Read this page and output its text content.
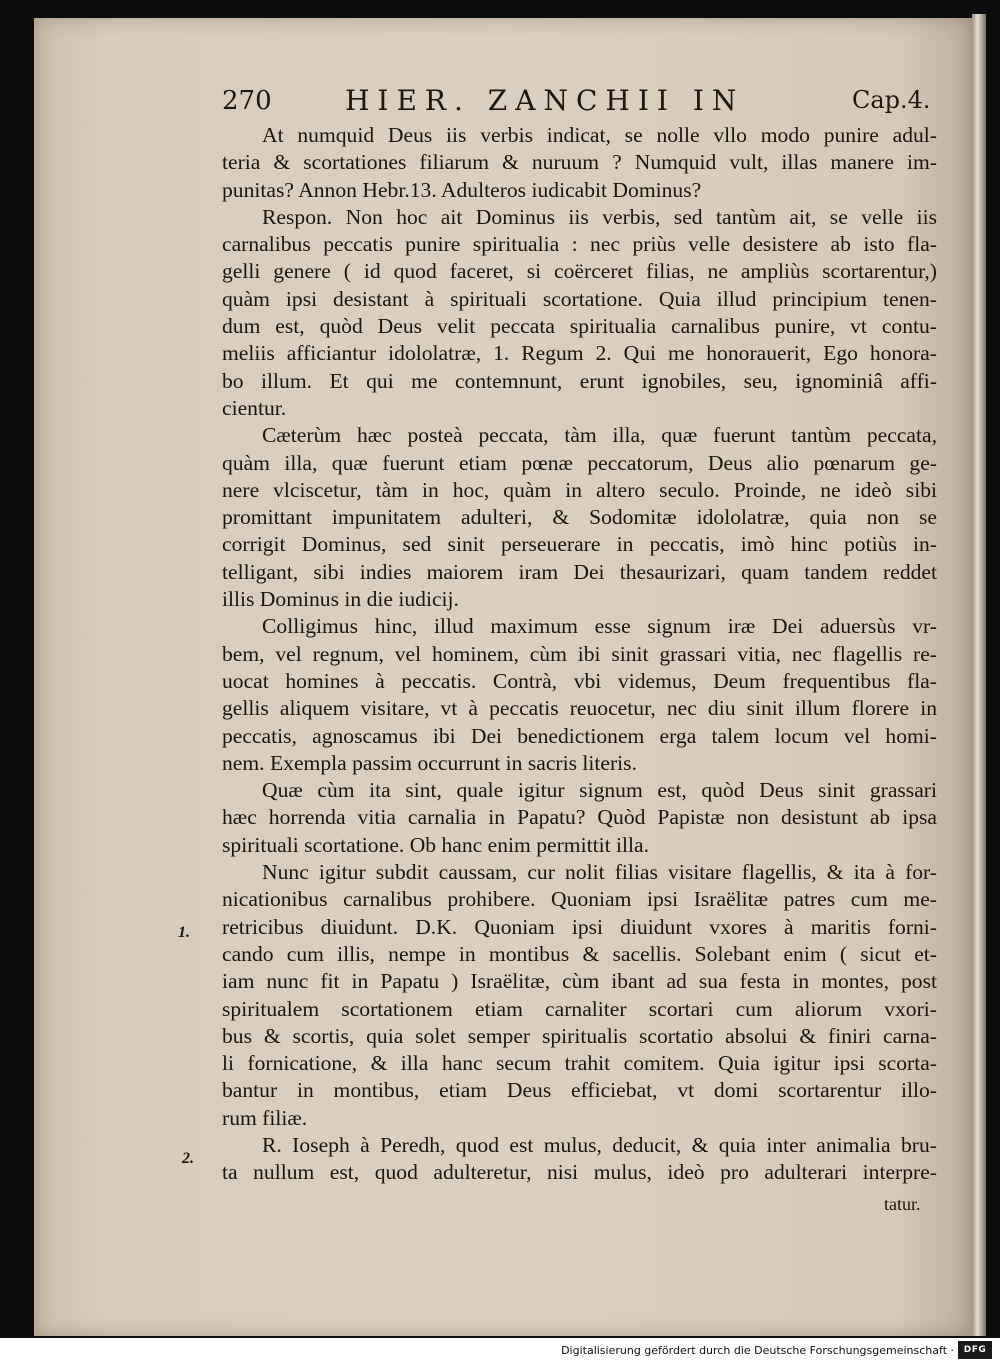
270	HIER. ZANCHII IN	Cap.4.
At numquid Deus iis verbis indicat, se nolle vllo modo punire adul-
teria & scortationes filiarum & nuruum ? Numquid vult, illas manere im-
punitas? Annon Hebr.13. Adulteros iudicabit Dominus?
Respon. Non hoc ait Dominus iis verbis, sed tantùm ait, se velle iis
carnalibus peccatis punire spiritualia : nec priùs velle desistere ab isto fla-
gelli genere ( id quod faceret, si coërceret filias, ne ampliùs scortarentur,)
quàm ipsi desistant à spirituali scortatione. Quia illud principium tenen-
dum est, quòd Deus velit peccata spiritualia carnalibus punire, vt contu-
meliis afficiantur idololatræ, 1. Regum 2. Qui me honorauerit, Ego honora-
bo illum. Et qui me contemnunt, erunt ignobiles, seu, ignominiâ affi-
cientur.
Cæterùm hæc posteà peccata, tàm illa, quæ fuerunt tantùm peccata,
quàm illa, quæ fuerunt etiam pœnæ peccatorum, Deus alio pœnarum ge-
nere vlciscetur, tàm in hoc, quàm in altero seculo. Proinde, ne ideò sibi
promittant impunitatem adulteri, & Sodomitæ idololatræ, quia non se
corrigit Dominus, sed sinit perseuerare in peccatis, imò hinc potiùs in-
telligant, sibi indies maiorem iram Dei thesaurizari, quam tandem reddet
illis Dominus in die iudicij.
Colligimus hinc, illud maximum esse signum iræ Dei aduersùs vr-
bem, vel regnum, vel hominem, cùm ibi sinit grassari vitia, nec flagellis re-
uocat homines à peccatis. Contrà, vbi videmus, Deum frequentibus fla-
gellis aliquem visitare, vt à peccatis reuocetur, nec diu sinit illum florere in
peccatis, agnoscamus ibi Dei benedictionem erga talem locum vel homi-
nem. Exempla passim occurrunt in sacris literis.
Quæ cùm ita sint, quale igitur signum est, quòd Deus sinit grassari
hæc horrenda vitia carnalia in Papatu? Quòd Papistæ non desistunt ab ipsa
spirituali scortatione. Ob hanc enim permittit illa.
Nunc igitur subdit caussam, cur nolit filias visitare flagellis, & ita à for-
nicationibus carnalibus prohibere. Quoniam ipsi Israëlitæ patres cum me-
retricibus diuidunt. D.K. Quoniam ipsi diuidunt vxores à maritis forni-
cando cum illis, nempe in montibus & sacellis. Solebant enim ( sicut et-
iam nunc fit in Papatu ) Israëlitæ, cùm ibant ad sua festa in montes, post
spiritualem scortationem etiam carnaliter scortari cum aliorum vxori-
bus & scortis, quia solet semper spiritualis scortatio absolui & finiri carna-
li fornicatione, & illa hanc secum trahit comitem. Quia igitur ipsi scorta-
bantur in montibus, etiam Deus efficiebat, vt domi scortarentur illo-
rum filiæ.
R. Ioseph à Peredh, quod est mulus, deducit, & quia inter animalia bru-
ta nullum est, quod adulteretur, nisi mulus, ideò pro adulterari interpre-
tatur.
1.
2.
Digitalisierung gefördert durch die Deutsche Forschungsgemeinschaft ·	DFG
